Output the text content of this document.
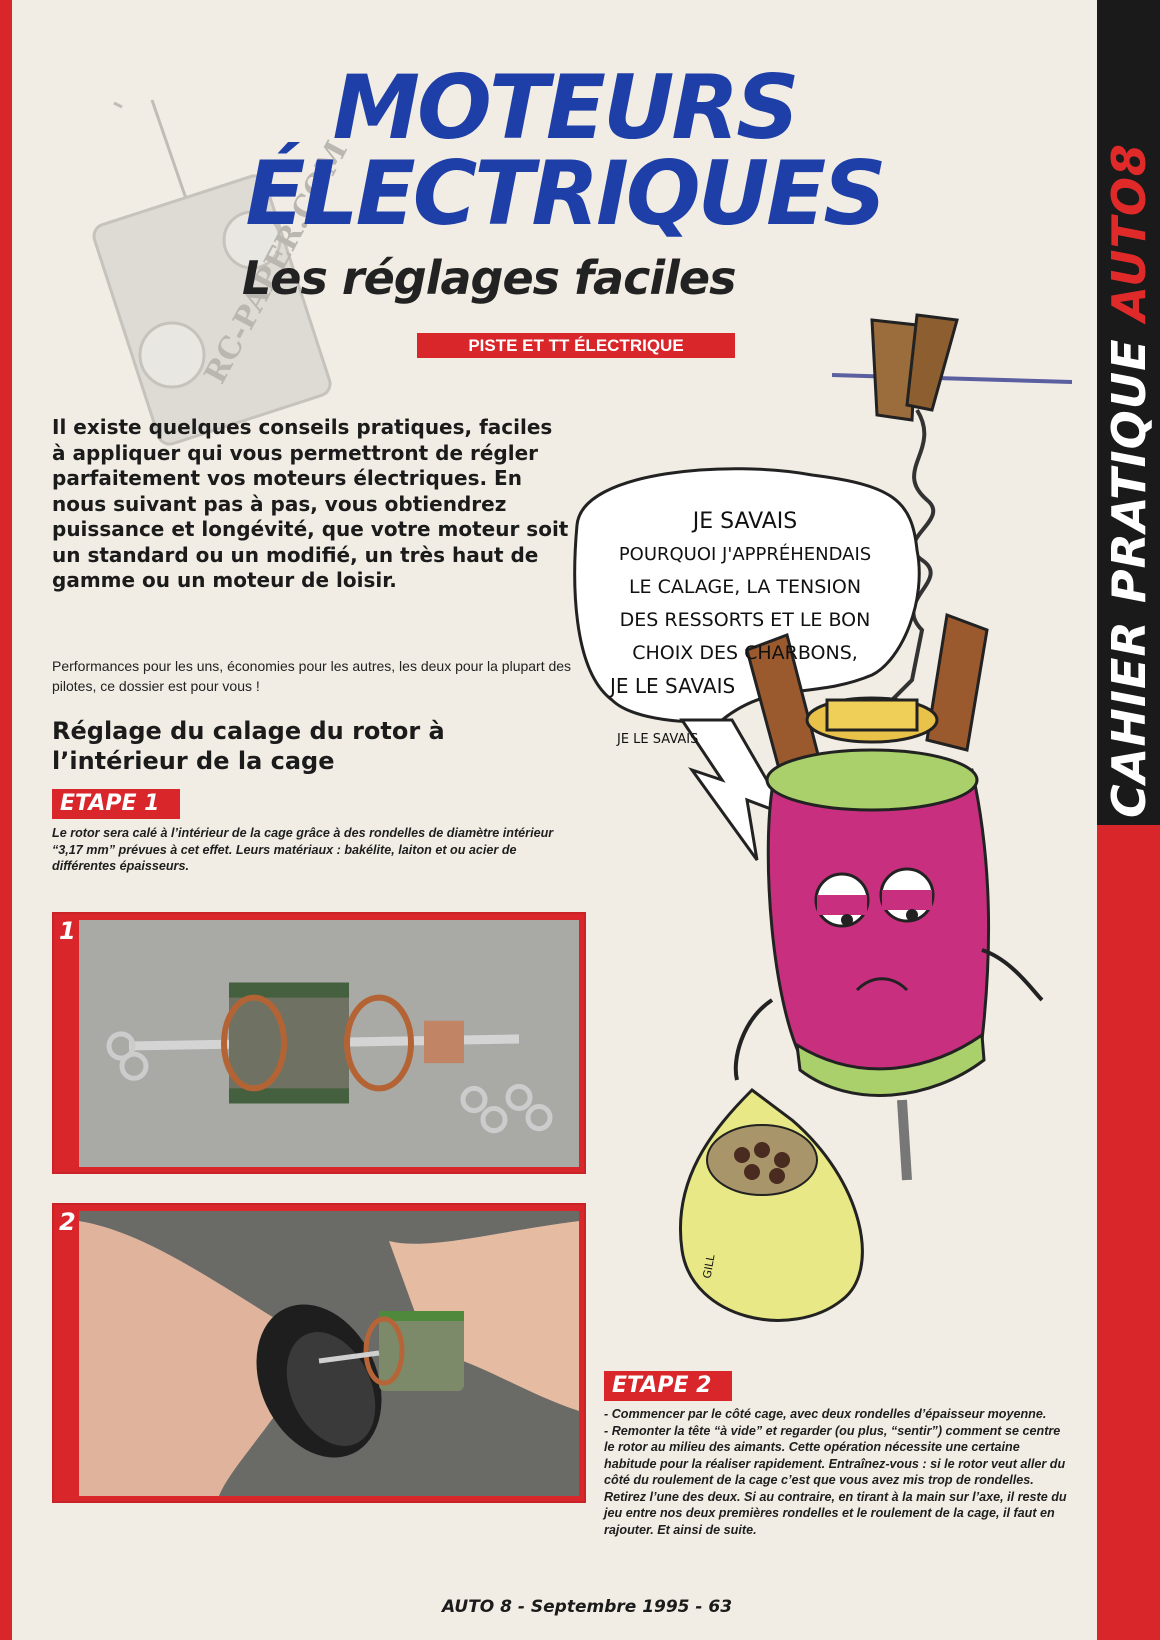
RC-PAPER.COM
MOTEURS
ÉLECTRIQUES
Les réglages faciles
PISTE ET TT ÉLECTRIQUE

Il existe quelques conseils pratiques, faciles à appliquer qui vous permettront de régler parfaitement vos moteurs électriques. En nous suivant pas à pas, vous obtiendrez puissance et longévité, que votre moteur soit un standard ou un modifié, un très haut de gamme ou un moteur de loisir.

Performances pour les uns, économies pour les autres, les deux pour la plupart des pilotes, ce dossier est pour vous !

Réglage du calage du rotor à l’intérieur de la cage
ETAPE 1

Le rotor sera calé à l’intérieur de la cage grâce à des rondelles de diamètre intérieur “3,17 mm” prévues à cet effet. Leurs matériaux : bakélite, laiton et ou acier de différentes épaisseurs.

1
2
JE SAVAIS
POURQUOI J'APPRÉHENDAIS
LE CALAGE, LA TENSION
DES RESSORTS ET LE BON
CHOIX DES CHARBONS,
JE LE SAVAIS
JE LE SAVAIS
GILL
ETAPE 2
- Commencer par le côté cage, avec deux rondelles d’épaisseur moyenne.
- Remonter la tête “à vide” et regarder (ou plus, “sentir”) comment se centre le rotor au milieu des aimants. Cette opération nécessite une certaine habitude pour la réaliser rapidement. Entraînez-vous : si le rotor veut aller du côté du roulement de la cage c’est que vous avez mis trop de rondelles. Retirez l’une des deux. Si au contraire, en tirant à la main sur l’axe, il reste du jeu entre nos deux premières rondelles et le roulement de la cage, il faut en rajouter. Et ainsi de suite.
AUTO 8 - Septembre 1995 - 63
CAHIER PRATIQUE AUTO8
